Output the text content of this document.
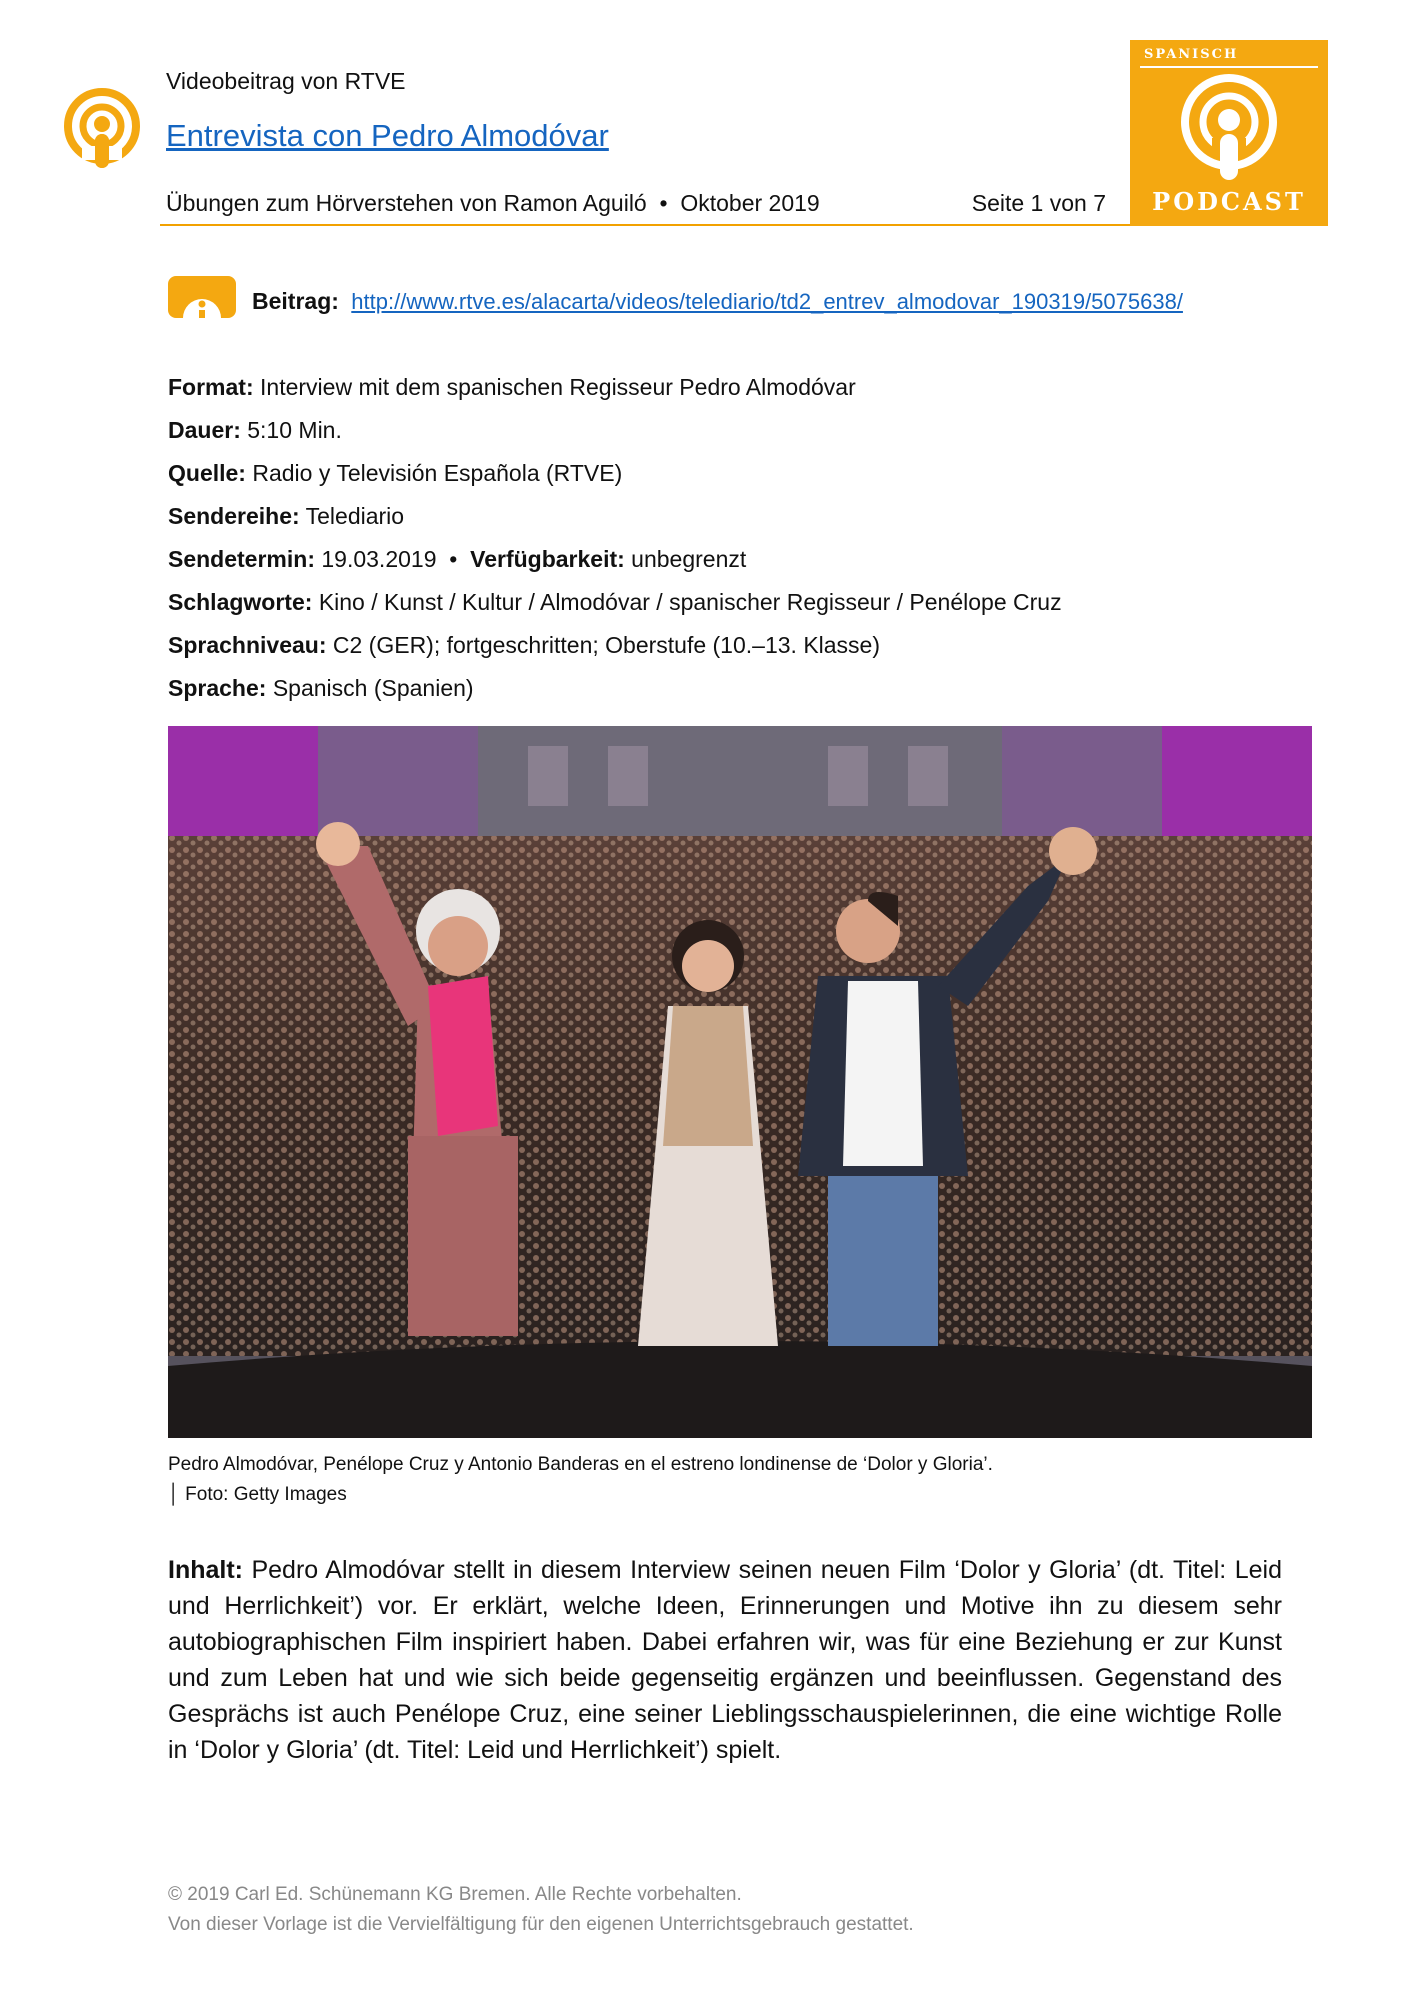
Videobeitrag von RTVE

Entrevista con Pedro Almodóvar
Übungen zum Hörverstehen von Ramon Aguiló  •  Oktober 2019	Seite 1 von 7
SPANISCH
PODCAST
Beitrag: http://www.rtve.es/alacarta/videos/telediario/td2_entrev_almodovar_190319/5075638/
Format: Interview mit dem spanischen Regisseur Pedro Almodóvar
Dauer: 5:10 Min.
Quelle: Radio y Televisión Española (RTVE)
Sendereihe: Telediario
Sendetermin: 19.03.2019  •  Verfügbarkeit: unbegrenzt
Schlagworte: Kino / Kunst / Kultur / Almodóvar / spanischer Regisseur / Penélope Cruz
Sprachniveau: C2 (GER); fortgeschritten; Oberstufe (10.–13. Klasse)
Sprache: Spanisch (Spanien)
Pedro Almodóvar, Penélope Cruz y Antonio Banderas en el estreno londinense de ‘Dolor y Gloria’.
│ Foto: Getty Images
Inhalt: Pedro Almodóvar stellt in diesem Interview seinen neuen Film ‘Dolor y Gloria’ (dt. Titel: Leid und Herrlichkeit’) vor. Er erklärt, welche Ideen, Erinnerungen und Motive ihn zu diesem sehr autobiographischen Film inspiriert haben. Dabei erfahren wir, was für eine Beziehung er zur Kunst und zum Leben hat und wie sich beide gegenseitig ergänzen und beeinflussen. Gegenstand des Gesprächs ist auch Penélope Cruz, eine seiner Lieblingsschauspielerinnen, die eine wichtige Rolle in ‘Dolor y Gloria’ (dt. Titel: Leid und Herrlichkeit’) spielt.
© 2019 Carl Ed. Schünemann KG Bremen. Alle Rechte vorbehalten.
Von dieser Vorlage ist die Vervielfältigung für den eigenen Unterrichtsgebrauch gestattet.
